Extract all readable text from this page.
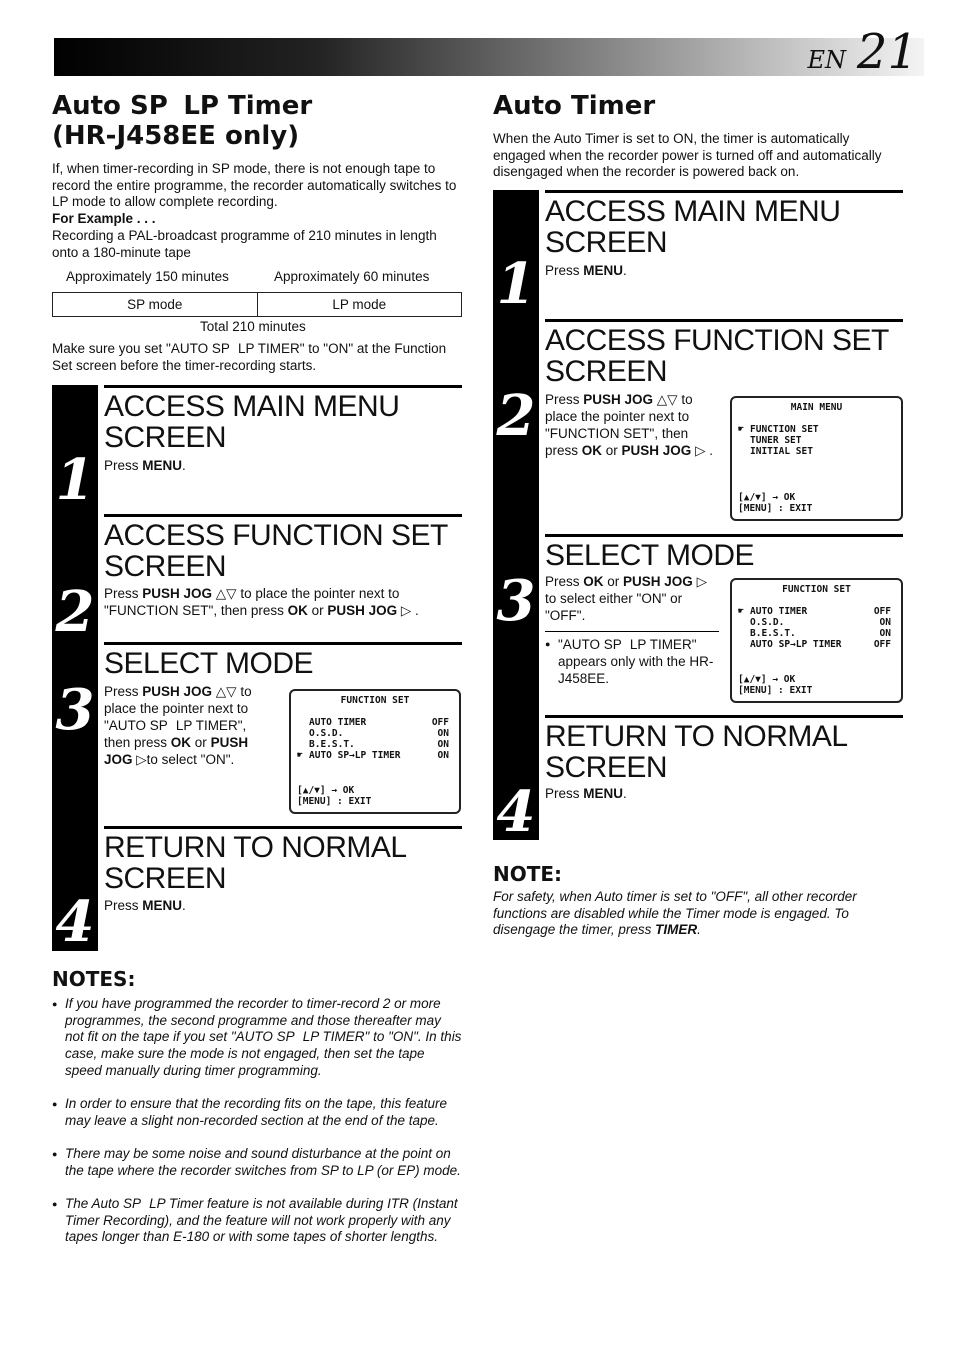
EN 21
Auto SP   LP Timer
(HR-J458EE only)
If, when timer-recording in SP mode, there is not enough tape to record the entire programme, the recorder automatically switches to LP mode to allow complete recording.
For Example . . .
Recording a PAL-broadcast programme of 210 minutes in length onto a 180-minute tape
Approximately 150 minutes	Approximately 60 minutes
SP mode	LP mode
Total 210 minutes
Make sure you set "AUTO SP   LP TIMER" to "ON" at the Function Set screen before the timer-recording starts.
1
ACCESS MAIN MENU SCREEN
Press MENU.
2
ACCESS FUNCTION SET SCREEN
Press PUSH JOG △▽ to place the pointer next to "FUNCTION SET", then press OK or PUSH JOG ▷ .
3
SELECT MODE
Press PUSH JOG △▽ to place the pointer next to "AUTO SP   LP TIMER", then press OK or PUSH JOG ▷to select "ON".
FUNCTION SET
AUTO TIMER	OFF
O.S.D.	ON
B.E.S.T.	ON
☛ AUTO SP→LP TIMER	ON
[▲/▼] → OK
[MENU] : EXIT
4
RETURN TO NORMAL SCREEN
Press MENU.
NOTES:
● If you have programmed the recorder to timer-record 2 or more programmes, the second programme and those thereafter may not fit on the tape if you set "AUTO SP   LP TIMER" to "ON". In this case, make sure the mode is not engaged, then set the tape speed manually during timer programming.
● In order to ensure that the recording fits on the tape, this feature may leave a slight non-recorded section at the end of the tape.
● There may be some noise and sound disturbance at the point on the tape where the recorder switches from SP to LP (or EP) mode.
● The Auto SP   LP Timer feature is not available during ITR (Instant Timer Recording), and the feature will not work properly with any tapes longer than E-180 or with some tapes of shorter lengths.
Auto Timer
When the Auto Timer is set to ON, the timer is automatically engaged when the recorder power is turned off and automatically disengaged when the recorder is powered back on.
1
ACCESS MAIN MENU SCREEN
Press MENU.
2
ACCESS FUNCTION SET SCREEN
Press PUSH JOG △▽ to place the pointer next to "FUNCTION SET", then press OK or PUSH JOG ▷ .
MAIN MENU
☛ FUNCTION SET
TUNER SET
INITIAL SET
[▲/▼] → OK
[MENU] : EXIT
3
SELECT MODE
Press OK or PUSH JOG ▷ to select either "ON" or "OFF".
● "AUTO SP   LP TIMER" appears only with the HR-J458EE.
FUNCTION SET
☛ AUTO TIMER	OFF
O.S.D.	ON
B.E.S.T.	ON
AUTO SP→LP TIMER	OFF
[▲/▼] → OK
[MENU] : EXIT
4
RETURN TO NORMAL SCREEN
Press MENU.
NOTE:
For safety, when Auto timer is set to "OFF", all other recorder functions are disabled while the Timer mode is engaged. To disengage the timer, press TIMER.
